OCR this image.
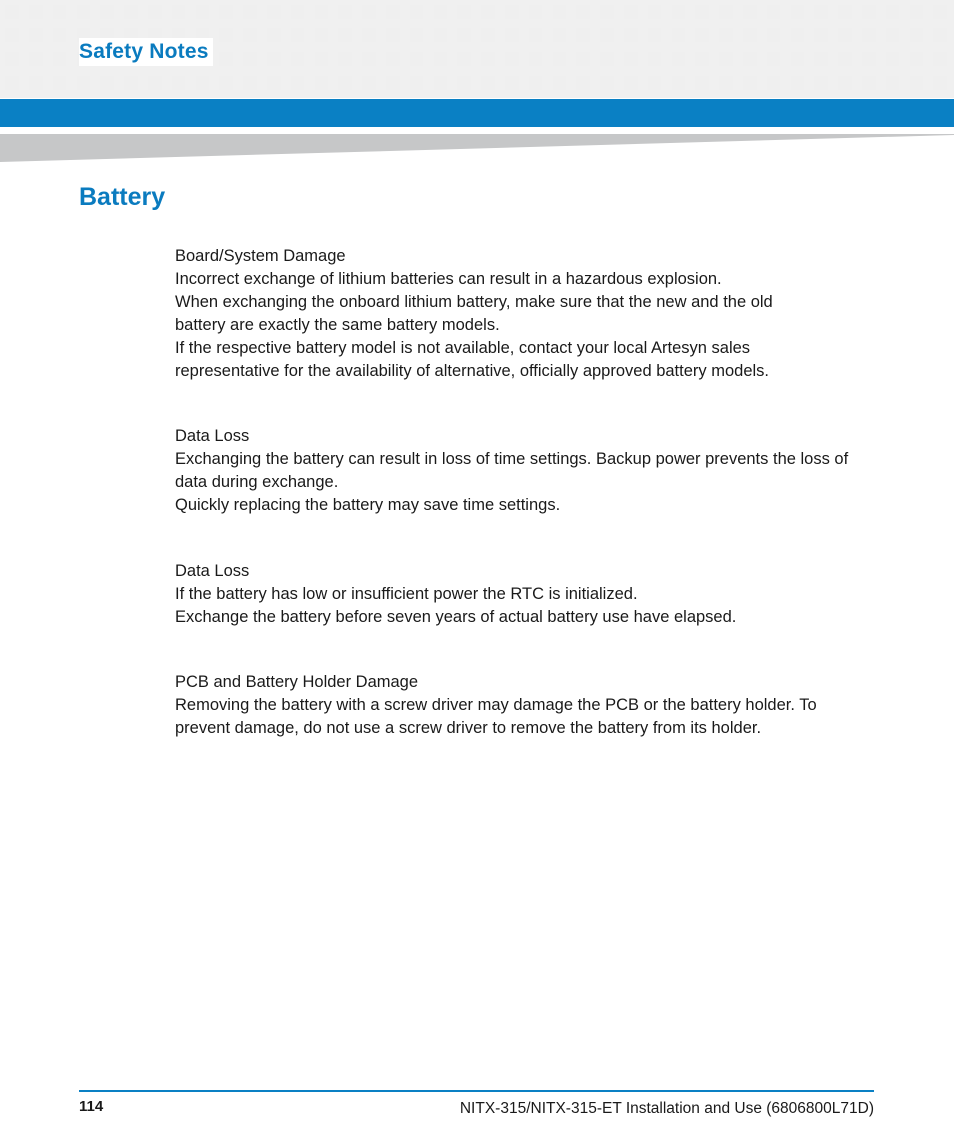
Safety Notes
Battery

Board/System Damage

Incorrect exchange of lithium batteries can result in a hazardous explosion.

When exchanging the onboard lithium battery, make sure that the new and the old battery are exactly the same battery models.

If the respective battery model is not available, contact your local Artesyn sales representative for the availability of alternative, officially approved battery models.

Data Loss

Exchanging the battery can result in loss of time settings. Backup power prevents the loss of data during exchange.

Quickly replacing the battery may save time settings.

Data Loss

If the battery has low or insufficient power the RTC is initialized.

Exchange the battery before seven years of actual battery use have elapsed.

PCB and Battery Holder Damage

Removing the battery with a screw driver may damage the PCB or the battery holder. To prevent damage, do not use a screw driver to remove the battery from its holder.

114	NITX-315/NITX-315-ET Installation and Use (6806800L71D)
